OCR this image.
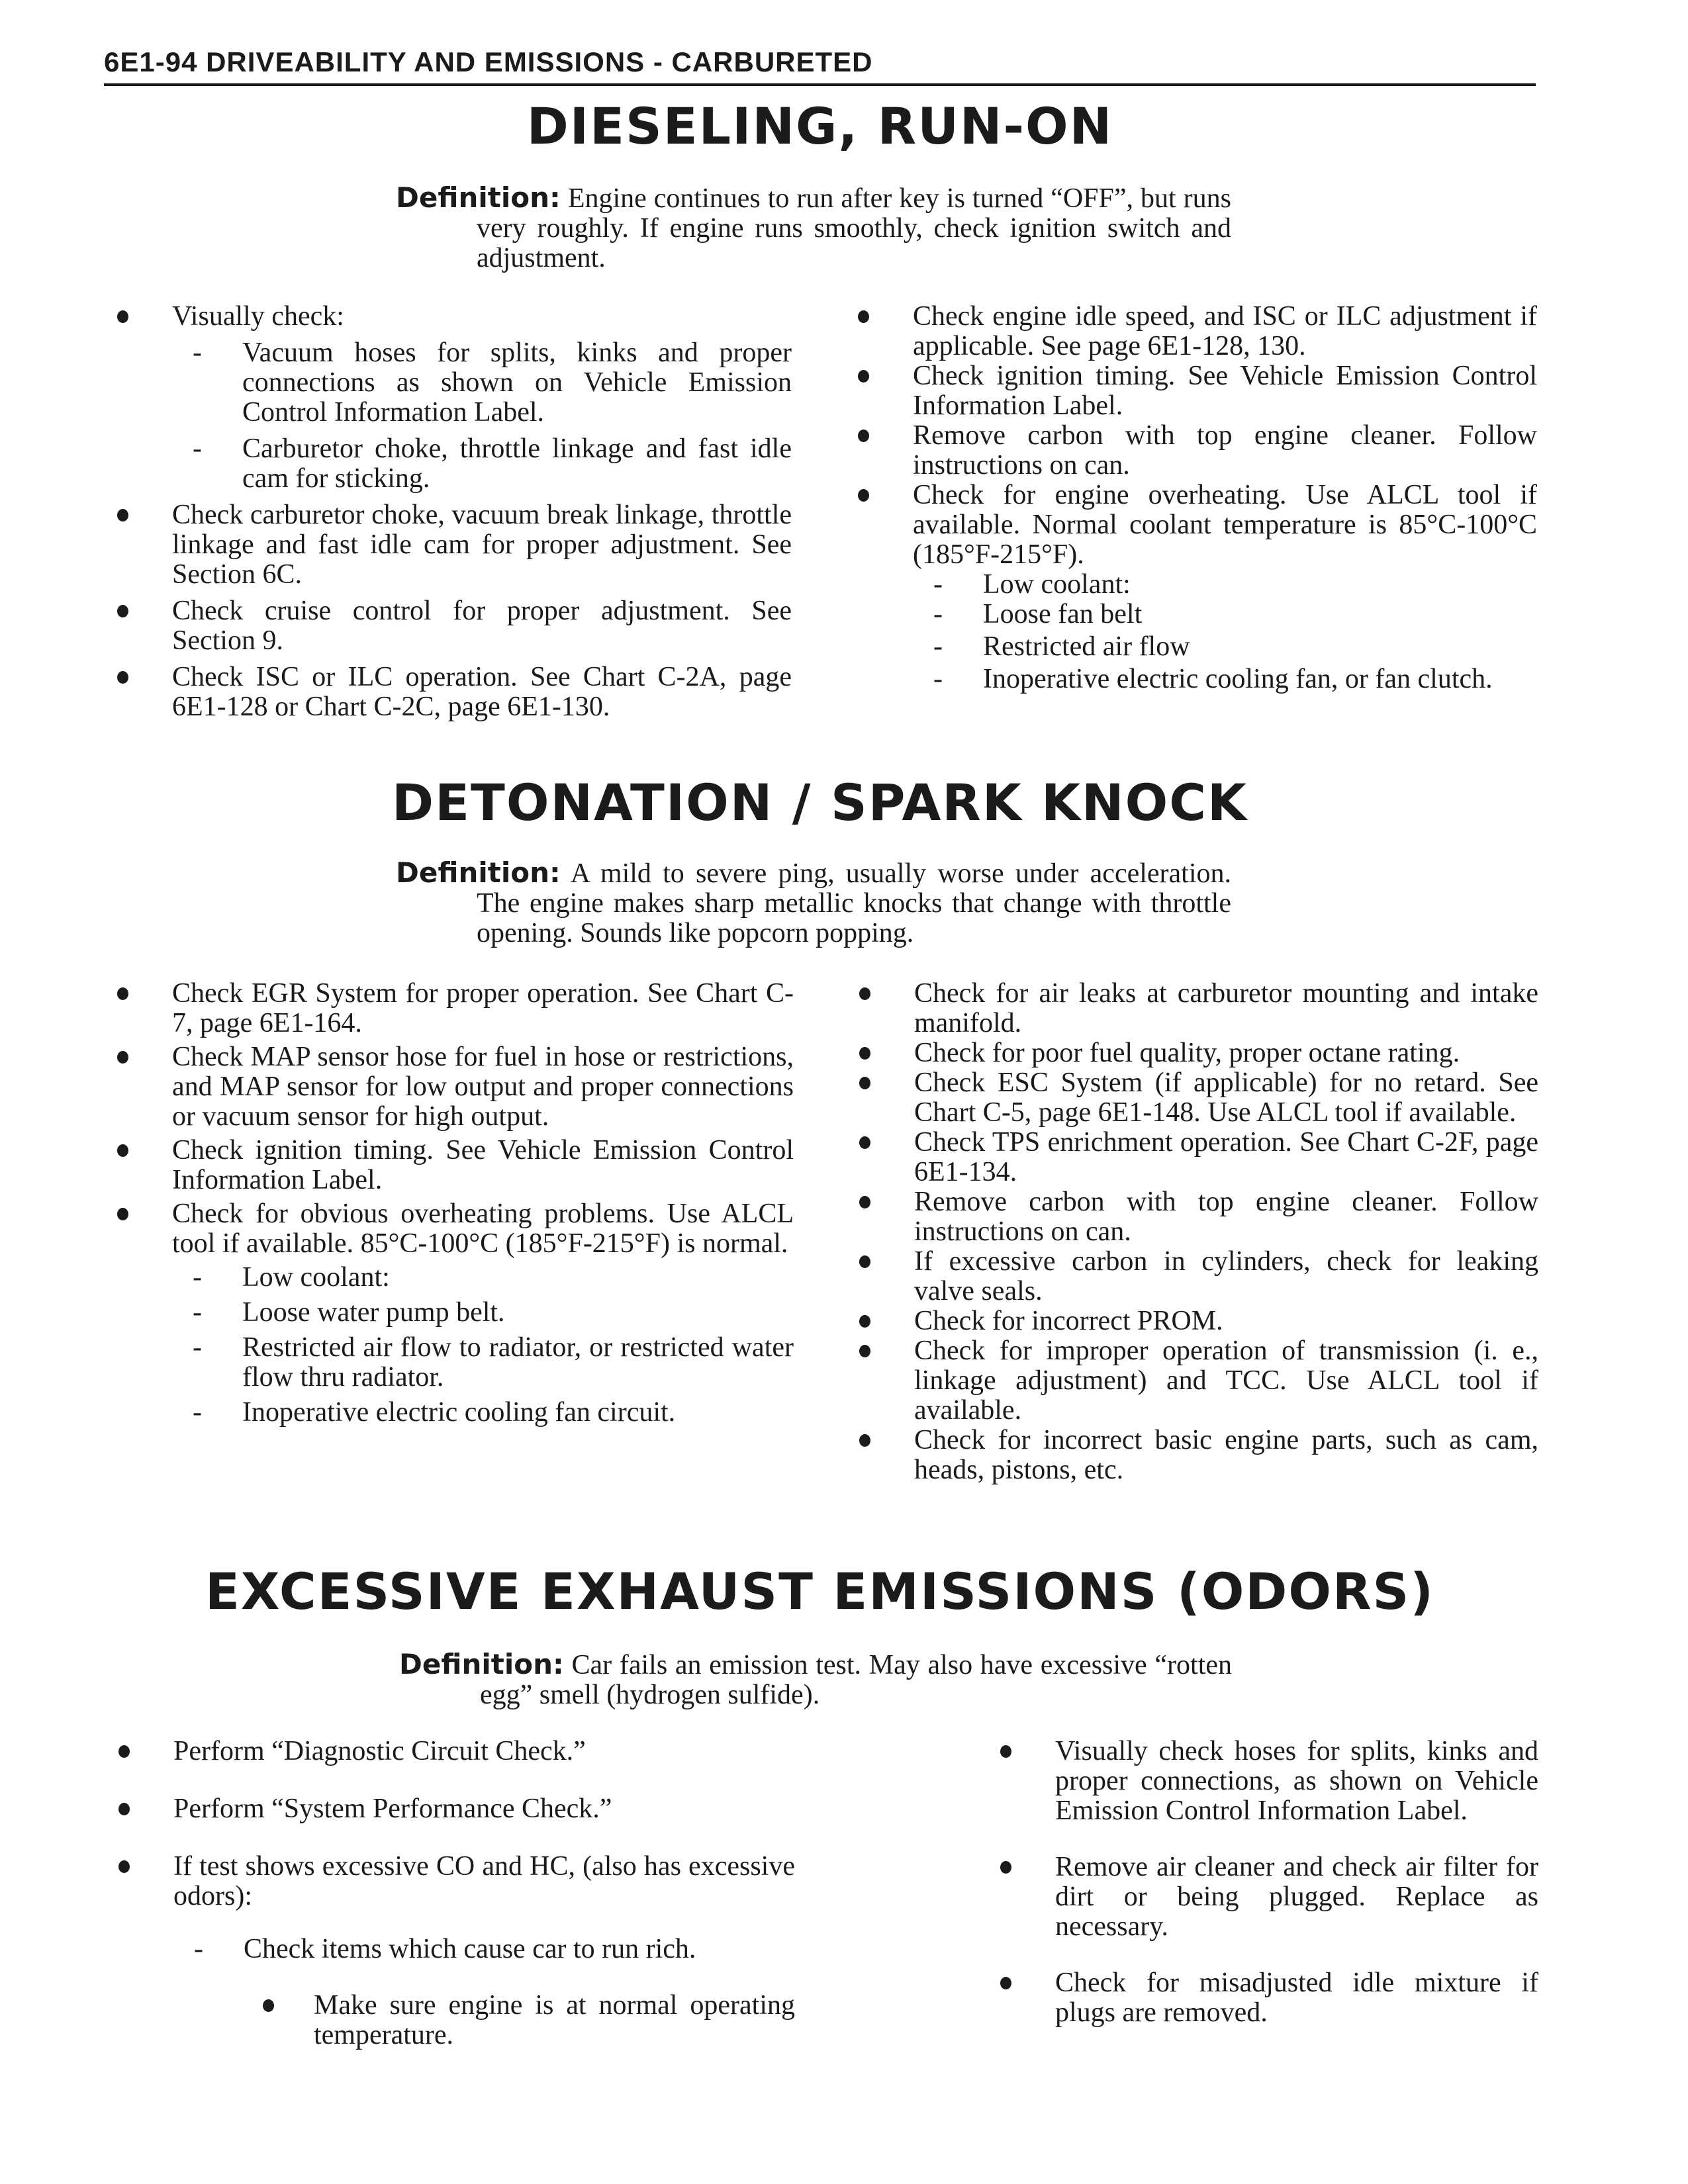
6E1-94 DRIVEABILITY AND EMISSIONS - CARBURETED
DIESELING, RUN-ON
Definition: Engine continues to run after key is turned “OFF”, but runs very roughly. If engine runs smoothly, check ignition switch and adjustment.
Visually check:
- Vacuum hoses for splits, kinks and proper connections as shown on Vehicle Emission Control Information Label.
- Carburetor choke, throttle linkage and fast idle cam for sticking.
Check carburetor choke, vacuum break linkage, throttle linkage and fast idle cam for proper adjustment. See Section 6C.
Check cruise control for proper adjustment. See Section 9.
Check ISC or ILC operation. See Chart C-2A, page 6E1-128 or Chart C-2C, page 6E1-130.
Check engine idle speed, and ISC or ILC adjustment if applicable. See page 6E1-128, 130.
Check ignition timing. See Vehicle Emission Control Information Label.
Remove carbon with top engine cleaner. Follow instructions on can.
Check for engine overheating. Use ALCL tool if available. Normal coolant temperature is 85°C-100°C (185°F-215°F).
- Low coolant:
- Loose fan belt
- Restricted air flow
- Inoperative electric cooling fan, or fan clutch.
DETONATION / SPARK KNOCK
Definition: A mild to severe ping, usually worse under acceleration. The engine makes sharp metallic knocks that change with throttle opening. Sounds like popcorn popping.
Check EGR System for proper operation. See Chart C-7, page 6E1-164.
Check MAP sensor hose for fuel in hose or restrictions, and MAP sensor for low output and proper connections or vacuum sensor for high output.
Check ignition timing. See Vehicle Emission Control Information Label.
Check for obvious overheating problems. Use ALCL tool if available. 85°C-100°C (185°F-215°F) is normal.
- Low coolant:
- Loose water pump belt.
- Restricted air flow to radiator, or restricted water flow thru radiator.
- Inoperative electric cooling fan circuit.
Check for air leaks at carburetor mounting and intake manifold.
Check for poor fuel quality, proper octane rating.
Check ESC System (if applicable) for no retard. See Chart C-5, page 6E1-148. Use ALCL tool if available.
Check TPS enrichment operation. See Chart C-2F, page 6E1-134.
Remove carbon with top engine cleaner. Follow instructions on can.
If excessive carbon in cylinders, check for leaking valve seals.
Check for incorrect PROM.
Check for improper operation of transmission (i. e., linkage adjustment) and TCC. Use ALCL tool if available.
Check for incorrect basic engine parts, such as cam, heads, pistons, etc.
EXCESSIVE EXHAUST EMISSIONS (ODORS)
Definition: Car fails an emission test. May also have excessive “rotten egg” smell (hydrogen sulfide).
Perform “Diagnostic Circuit Check.”
Perform “System Performance Check.”
If test shows excessive CO and HC, (also has excessive odors):
- Check items which cause car to run rich.
Make sure engine is at normal operating temperature.
Visually check hoses for splits, kinks and proper connections, as shown on Vehicle Emission Control Information Label.
Remove air cleaner and check air filter for dirt or being plugged. Replace as necessary.
Check for misadjusted idle mixture if plugs are removed.
